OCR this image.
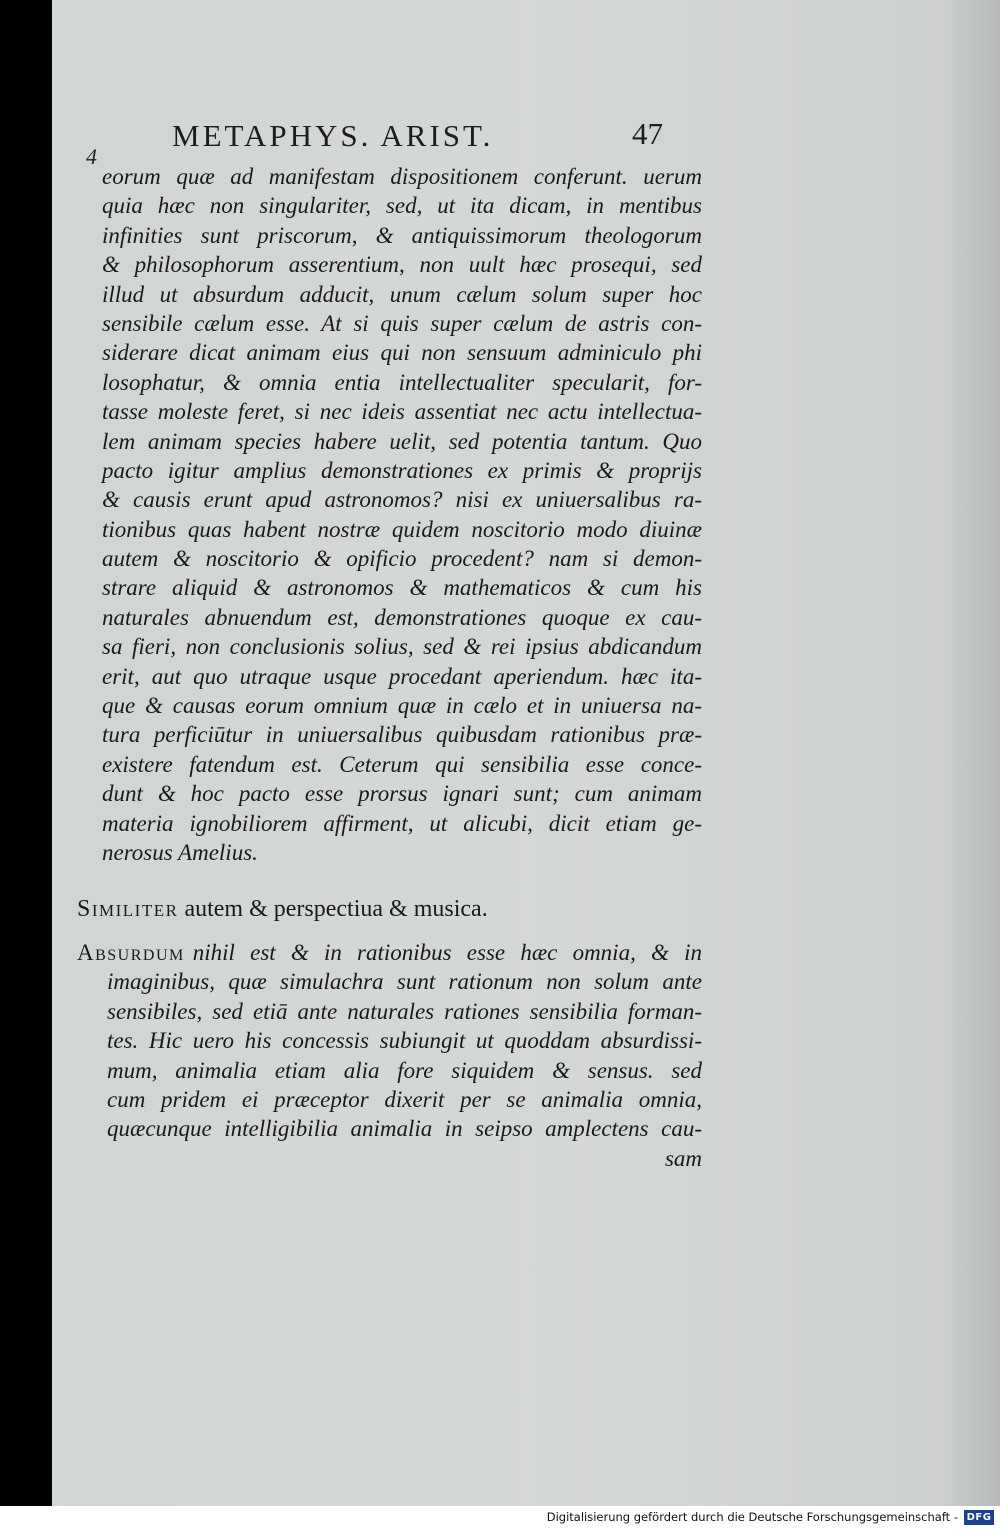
METAPHYS. ARIST.	47
4
eorum quæ ad manifestam dispositionem conferunt. uerum
quia hæc non singulariter, sed, ut ita dicam, in mentibus
infinities sunt priscorum, & antiquissimorum theologorum
& philosophorum asserentium, non uult hæc prosequi, sed
illud ut absurdum adducit, unum cælum solum super hoc
sensibile cælum esse. At si quis super cælum de astris con-
siderare dicat animam eius qui non sensuum adminiculo phi
losophatur, & omnia entia intellectualiter specularit, for-
tasse moleste feret, si nec ideis assentiat nec actu intellectua-
lem animam species habere uelit, sed potentia tantum. Quo
pacto igitur amplius demonstrationes ex primis & proprijs
& causis erunt apud astronomos? nisi ex uniuersalibus ra-
tionibus quas habent nostræ quidem noscitorio modo diuinæ
autem & noscitorio & opificio procedent? nam si demon-
strare aliquid & astronomos & mathematicos & cum his
naturales abnuendum est, demonstrationes quoque ex cau-
sa fieri, non conclusionis solius, sed & rei ipsius abdicandum
erit, aut quo utraque usque procedant aperiendum. hæc ita-
que & causas eorum omnium quæ in cælo et in uniuersa na-
tura perficiūtur in uniuersalibus quibusdam rationibus præ-
existere fatendum est. Ceterum qui sensibilia esse conce-
dunt & hoc pacto esse prorsus ignari sunt; cum animam
materia ignobiliorem affirment, ut alicubi, dicit etiam ge-
nerosus Amelius.
Similiter autem & perspectiua & musica.
Absurdum nihil est & in rationibus esse hæc omnia, & in
imaginibus, quæ simulachra sunt rationum non solum ante
sensibiles, sed etiā ante naturales rationes sensibilia forman-
tes. Hic uero his concessis subiungit ut quoddam absurdissi-
mum, animalia etiam alia fore siquidem & sensus. sed
cum pridem ei præceptor dixerit per se animalia omnia,
quæcunque intelligibilia animalia in seipso amplectens cau-
sam
Digitalisierung gefördert durch die Deutsche Forschungsgemeinschaft - DFG
